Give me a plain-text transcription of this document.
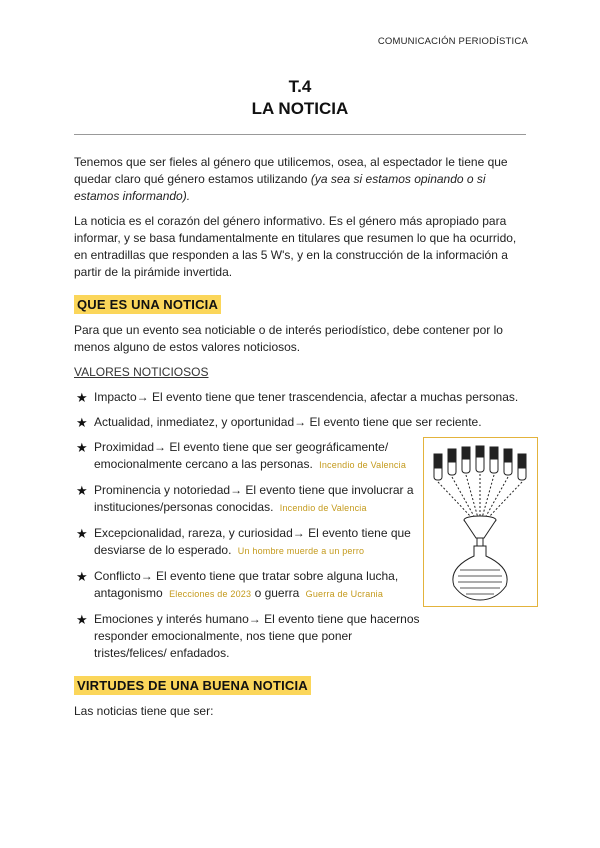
COMUNICACIÓN PERIODÍSTICA
T.4
LA NOTICIA

Tenemos que ser fieles al género que utilicemos, osea, al espectador le tiene que quedar claro qué género estamos utilizando (ya sea si estamos opinando o si estamos informando).

La noticia es el corazón del género informativo. Es el género más apropiado para informar, y se basa fundamentalmente en titulares que resumen lo que ha ocurrido, en entradillas que responden a las 5 W's, y en la construcción de la información a partir de la pirámide invertida.

QUE ES UNA NOTICIA

Para que un evento sea noticiable o de interés periodístico, debe contener por lo menos alguno de estos valores noticiosos.

VALORES NOTICIOSOS
★ Impacto→ El evento tiene que tener trascendencia, afectar a muchas personas.
★ Actualidad, inmediatez, y oportunidad→ El evento tiene que ser reciente.
★ Proximidad→ El evento tiene que ser geográficamente/ emocionalmente cercano a las personas. Incendio de Valencia
★ Prominencia y notoriedad→ El evento tiene que involucrar a instituciones/personas conocidas. Incendio de Valencia
★ Excepcionalidad, rareza, y curiosidad→ El evento tiene que desviarse de lo esperado. Un hombre muerde a un perro
★ Conflicto→ El evento tiene que tratar sobre alguna lucha, antagonismo Elecciones de 2023 o guerra Guerra de Ucrania
★ Emociones y interés humano→ El evento tiene que hacernos responder emocionalmente, nos tiene que poner tristes/felices/ enfadados.
VIRTUDES DE UNA BUENA NOTICIA

Las noticias tiene que ser:
